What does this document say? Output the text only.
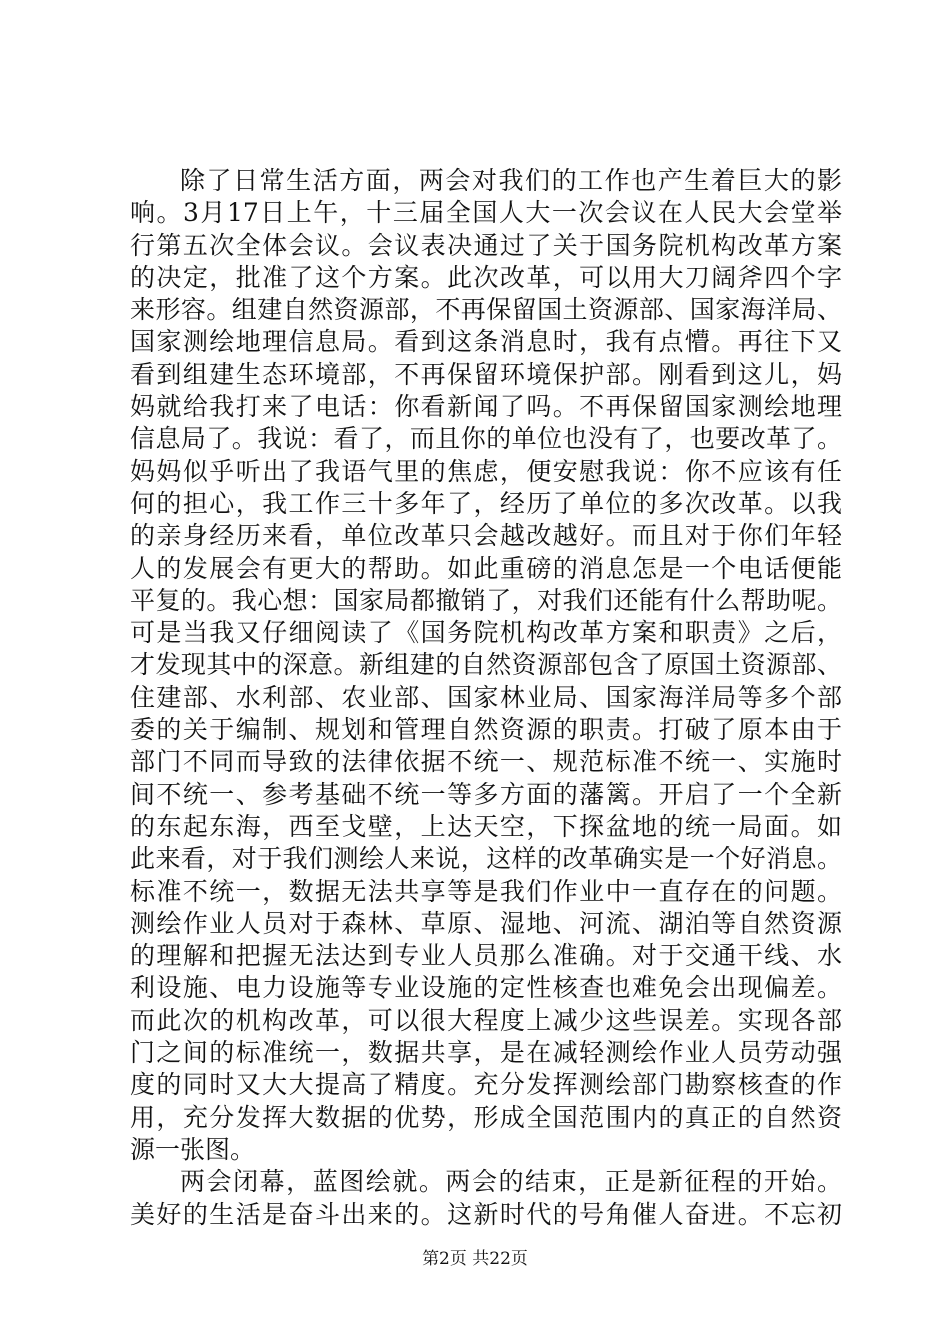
除了日常生活方面，两会对我们的工作也产生着巨大的影
响。3月17日上午，十三届全国人大一次会议在人民大会堂举
行第五次全体会议。会议表决通过了关于国务院机构改革方案
的决定，批准了这个方案。此次改革，可以用大刀阔斧四个字
来形容。组建自然资源部，不再保留国土资源部、国家海洋局、
国家测绘地理信息局。看到这条消息时，我有点懵。再往下又
看到组建生态环境部，不再保留环境保护部。刚看到这儿，妈
妈就给我打来了电话：你看新闻了吗。不再保留国家测绘地理
信息局了。我说：看了，而且你的单位也没有了，也要改革了。
妈妈似乎听出了我语气里的焦虑，便安慰我说：你不应该有任
何的担心，我工作三十多年了，经历了单位的多次改革。以我
的亲身经历来看，单位改革只会越改越好。而且对于你们年轻
人的发展会有更大的帮助。如此重磅的消息怎是一个电话便能
平复的。我心想：国家局都撤销了，对我们还能有什么帮助呢。
可是当我又仔细阅读了《国务院机构改革方案和职责》之后，
才发现其中的深意。新组建的自然资源部包含了原国土资源部、
住建部、水利部、农业部、国家林业局、国家海洋局等多个部
委的关于编制、规划和管理自然资源的职责。打破了原本由于
部门不同而导致的法律依据不统一、规范标准不统一、实施时
间不统一、参考基础不统一等多方面的藩篱。开启了一个全新
的东起东海，西至戈壁，上达天空，下探盆地的统一局面。如
此来看，对于我们测绘人来说，这样的改革确实是一个好消息。
标准不统一，数据无法共享等是我们作业中一直存在的问题。
测绘作业人员对于森林、草原、湿地、河流、湖泊等自然资源
的理解和把握无法达到专业人员那么准确。对于交通干线、水
利设施、电力设施等专业设施的定性核查也难免会出现偏差。
而此次的机构改革，可以很大程度上减少这些误差。实现各部
门之间的标准统一，数据共享，是在减轻测绘作业人员劳动强
度的同时又大大提高了精度。充分发挥测绘部门勘察核查的作
用，充分发挥大数据的优势，形成全国范围内的真正的自然资
源一张图。
两会闭幕，蓝图绘就。两会的结束，正是新征程的开始。
美好的生活是奋斗出来的。这新时代的号角催人奋进。不忘初
第2页 共22页
